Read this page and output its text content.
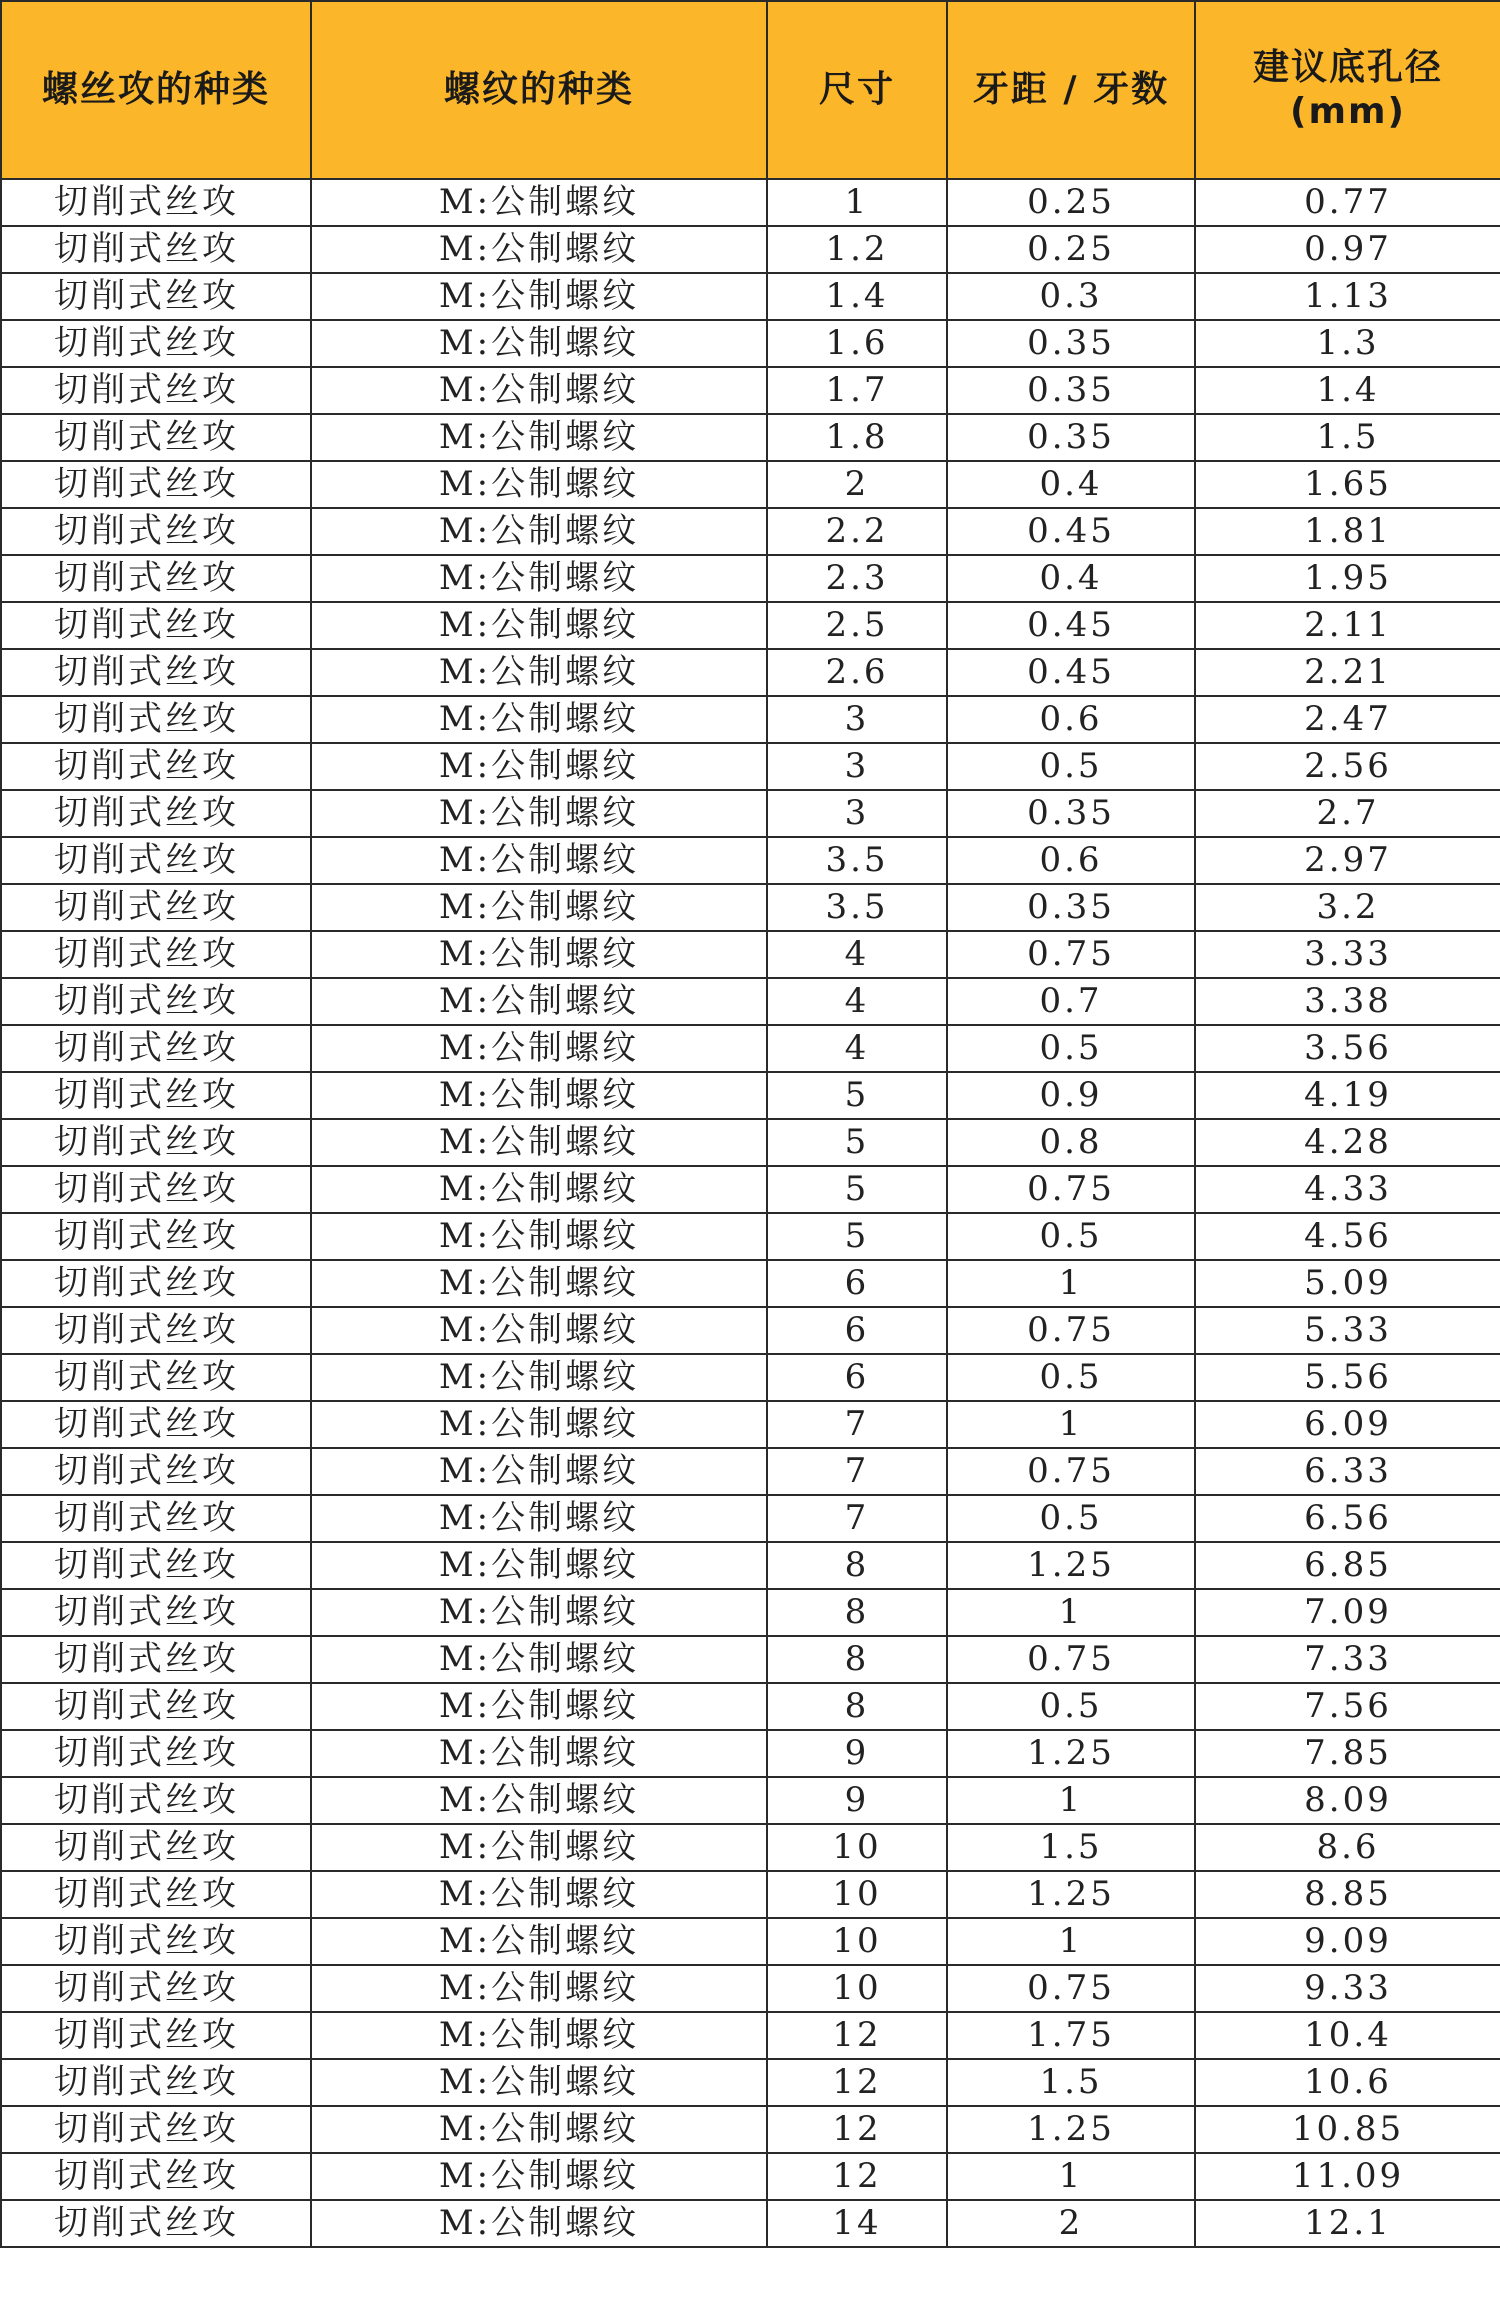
螺丝攻的种类	螺纹的种类	尺寸	牙距 / 牙数	建议底孔径
(mm)

切削式丝攻	M:公制螺纹	1	0.25	0.77
切削式丝攻	M:公制螺纹	1.2	0.25	0.97
切削式丝攻	M:公制螺纹	1.4	0.3	1.13
切削式丝攻	M:公制螺纹	1.6	0.35	1.3
切削式丝攻	M:公制螺纹	1.7	0.35	1.4
切削式丝攻	M:公制螺纹	1.8	0.35	1.5
切削式丝攻	M:公制螺纹	2	0.4	1.65
切削式丝攻	M:公制螺纹	2.2	0.45	1.81
切削式丝攻	M:公制螺纹	2.3	0.4	1.95
切削式丝攻	M:公制螺纹	2.5	0.45	2.11
切削式丝攻	M:公制螺纹	2.6	0.45	2.21
切削式丝攻	M:公制螺纹	3	0.6	2.47
切削式丝攻	M:公制螺纹	3	0.5	2.56
切削式丝攻	M:公制螺纹	3	0.35	2.7
切削式丝攻	M:公制螺纹	3.5	0.6	2.97
切削式丝攻	M:公制螺纹	3.5	0.35	3.2
切削式丝攻	M:公制螺纹	4	0.75	3.33
切削式丝攻	M:公制螺纹	4	0.7	3.38
切削式丝攻	M:公制螺纹	4	0.5	3.56
切削式丝攻	M:公制螺纹	5	0.9	4.19
切削式丝攻	M:公制螺纹	5	0.8	4.28
切削式丝攻	M:公制螺纹	5	0.75	4.33
切削式丝攻	M:公制螺纹	5	0.5	4.56
切削式丝攻	M:公制螺纹	6	1	5.09
切削式丝攻	M:公制螺纹	6	0.75	5.33
切削式丝攻	M:公制螺纹	6	0.5	5.56
切削式丝攻	M:公制螺纹	7	1	6.09
切削式丝攻	M:公制螺纹	7	0.75	6.33
切削式丝攻	M:公制螺纹	7	0.5	6.56
切削式丝攻	M:公制螺纹	8	1.25	6.85
切削式丝攻	M:公制螺纹	8	1	7.09
切削式丝攻	M:公制螺纹	8	0.75	7.33
切削式丝攻	M:公制螺纹	8	0.5	7.56
切削式丝攻	M:公制螺纹	9	1.25	7.85
切削式丝攻	M:公制螺纹	9	1	8.09
切削式丝攻	M:公制螺纹	10	1.5	8.6
切削式丝攻	M:公制螺纹	10	1.25	8.85
切削式丝攻	M:公制螺纹	10	1	9.09
切削式丝攻	M:公制螺纹	10	0.75	9.33
切削式丝攻	M:公制螺纹	12	1.75	10.4
切削式丝攻	M:公制螺纹	12	1.5	10.6
切削式丝攻	M:公制螺纹	12	1.25	10.85
切削式丝攻	M:公制螺纹	12	1	11.09
切削式丝攻	M:公制螺纹	14	2	12.1
